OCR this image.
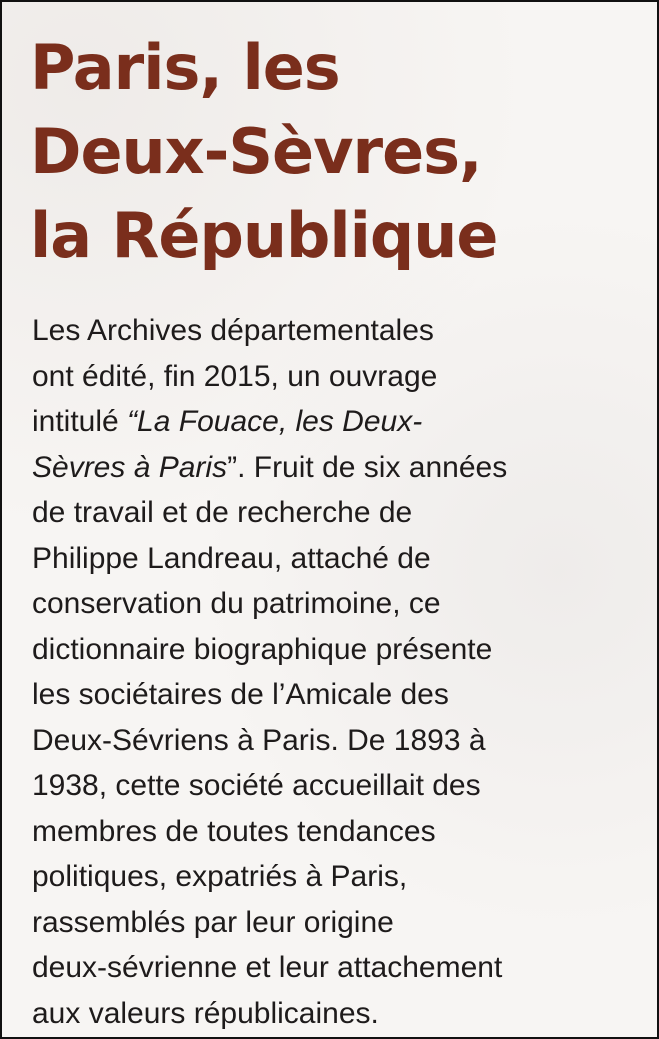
Paris, les
Deux-Sèvres,
la République

Les Archives départementales
ont édité, fin 2015, un ouvrage
intitulé “La Fouace, les Deux-
Sèvres à Paris”. Fruit de six années
de travail et de recherche de
Philippe Landreau, attaché de
conservation du patrimoine, ce
dictionnaire biographique présente
les sociétaires de l’Amicale des
Deux-Sévriens à Paris. De 1893 à
1938, cette société accueillait des
membres de toutes tendances
politiques, expatriés à Paris,
rassemblés par leur origine
deux-sévrienne et leur attachement
aux valeurs républicaines.
